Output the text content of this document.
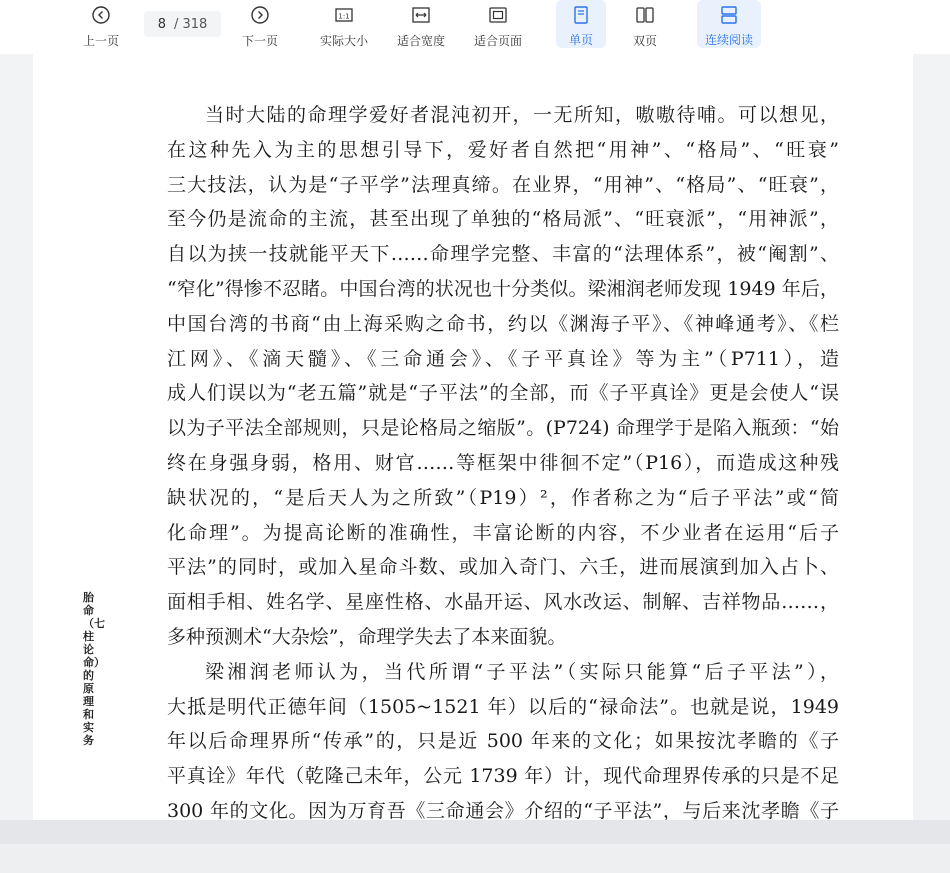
上一页
8 / 318
下一页
1:1
实际大小 适合宽度 适合页面	单页	双页	连续阅读
胎命（七柱论命）的原理和实务
当时大陆的命理学爱好者混沌初开，一无所知，嗷嗷待哺。可以想见，
在这种先入为主的思想引导下，爱好者自然把“用神”、“格局”、“旺衰”
三大技法，认为是“子平学”法理真缔。在业界，“用神”、“格局”、“旺衰”，
至今仍是流命的主流，甚至出现了单独的“格局派”、“旺衰派”，“用神派”，
自以为挟一技就能平天下……命理学完整、丰富的“法理体系”，被“阉割”、
“窄化”得惨不忍睹。中国台湾的状况也十分类似。梁湘润老师发现 1949 年后，
中国台湾的书商“由上海采购之命书，约以《渊海子平》、《神峰通考》、《栏
江网》、《滴天髓》、《三命通会》、《子平真诠》等为主”（P711），造
成人们误以为“老五篇”就是“子平法”的全部，而《子平真诠》更是会使人“误
以为子平法全部规则，只是论格局之缩版”。(P724) 命理学于是陷入瓶颈：“始
终在身强身弱，格用、财官……等框架中徘徊不定”（P16），而造成这种残
缺状况的，“是后天人为之所致”（P19）²，作者称之为“后子平法”或“简
化命理”。为提高论断的准确性，丰富论断的内容，不少业者在运用“后子
平法”的同时，或加入星命斗数、或加入奇门、六壬，进而展演到加入占卜、
面相手相、姓名学、星座性格、水晶开运、风水改运、制解、吉祥物品……，
多种预测术“大杂烩”，命理学失去了本来面貌。
梁湘润老师认为，当代所谓“子平法”（实际只能算“后子平法”），
大抵是明代正德年间（1505~1521 年）以后的“禄命法”。也就是说，1949
年以后命理界所“传承”的，只是近 500 年来的文化；如果按沈孝瞻的《子
平真诠》年代（乾隆己未年，公元 1739 年）计，现代命理界传承的只是不足
300 年的文化。因为万育吾《三命通会》介绍的“子平法”，与后来沈孝瞻《子
